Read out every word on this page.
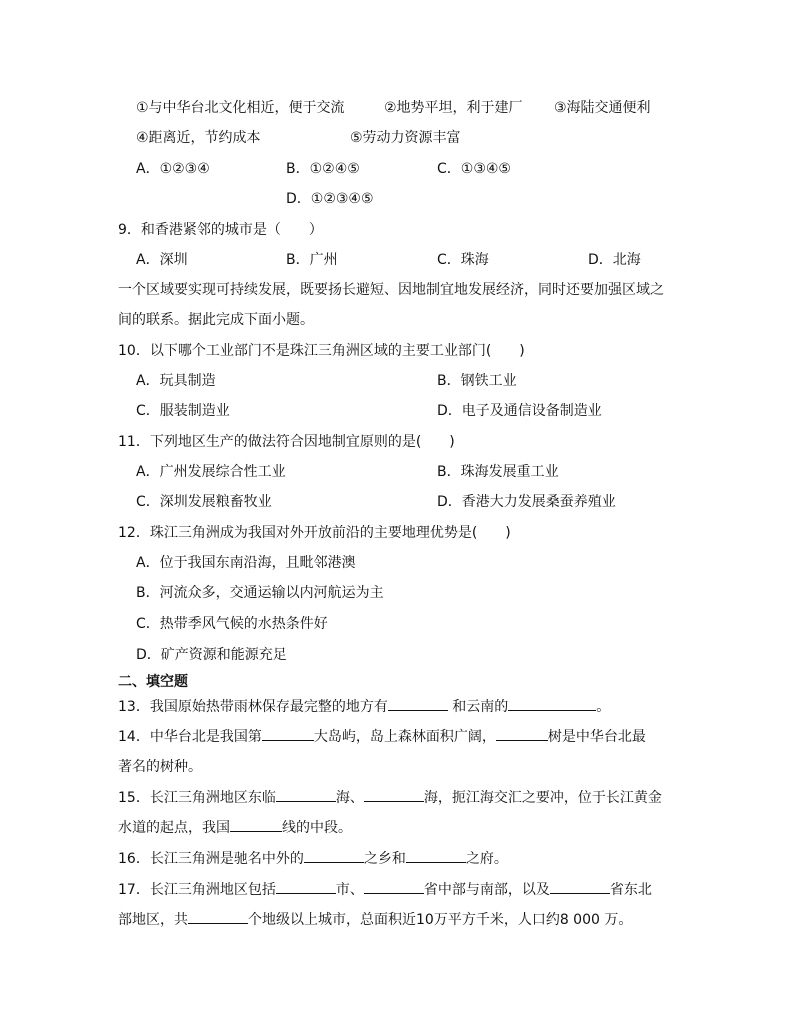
①与中华台北文化相近，便于交流	②地势平坦，利于建厂 ③海陆交通便利
④距离近，节约成本	⑤劳动力资源丰富
A．①②③④	B．①②④⑤	C．①③④⑤
D．①②③④⑤
9．和香港紧邻的城市是（　　）
A．深圳	B．广州	C．珠海	D．北海
一个区域要实现可持续发展，既要扬长避短、因地制宜地发展经济，同时还要加强区域之
间的联系。据此完成下面小题。
10．以下哪个工业部门不是珠江三角洲区域的主要工业部门(　　)
A．玩具制造	B．钢铁工业
C．服装制造业	D．电子及通信设备制造业
11．下列地区生产的做法符合因地制宜原则的是(　　)
A．广州发展综合性工业	B．珠海发展重工业
C．深圳发展粮畜牧业	D．香港大力发展桑蚕养殖业
12．珠江三角洲成为我国对外开放前沿的主要地理优势是(　　)
A．位于我国东南沿海，且毗邻港澳
B．河流众多，交通运输以内河航运为主
C．热带季风气候的水热条件好
D．矿产资源和能源充足
二、填空题
13．我国原始热带雨林保存最完整的地方有	和云南的	。
14．中华台北是我国第	大岛屿，岛上森林面积广阔，	树是中华台北最
著名的树种。
15．长江三角洲地区东临	海、	海，扼江海交汇之要冲，位于长江黄金
水道的起点，我国	线的中段。
16．长江三角洲是驰名中外的	之乡和	之府。
17．长江三角洲地区包括	市、	省中部与南部，以及	省东北
部地区，共	个地级以上城市，总面积近10万平方千米，人口约8 000 万。
